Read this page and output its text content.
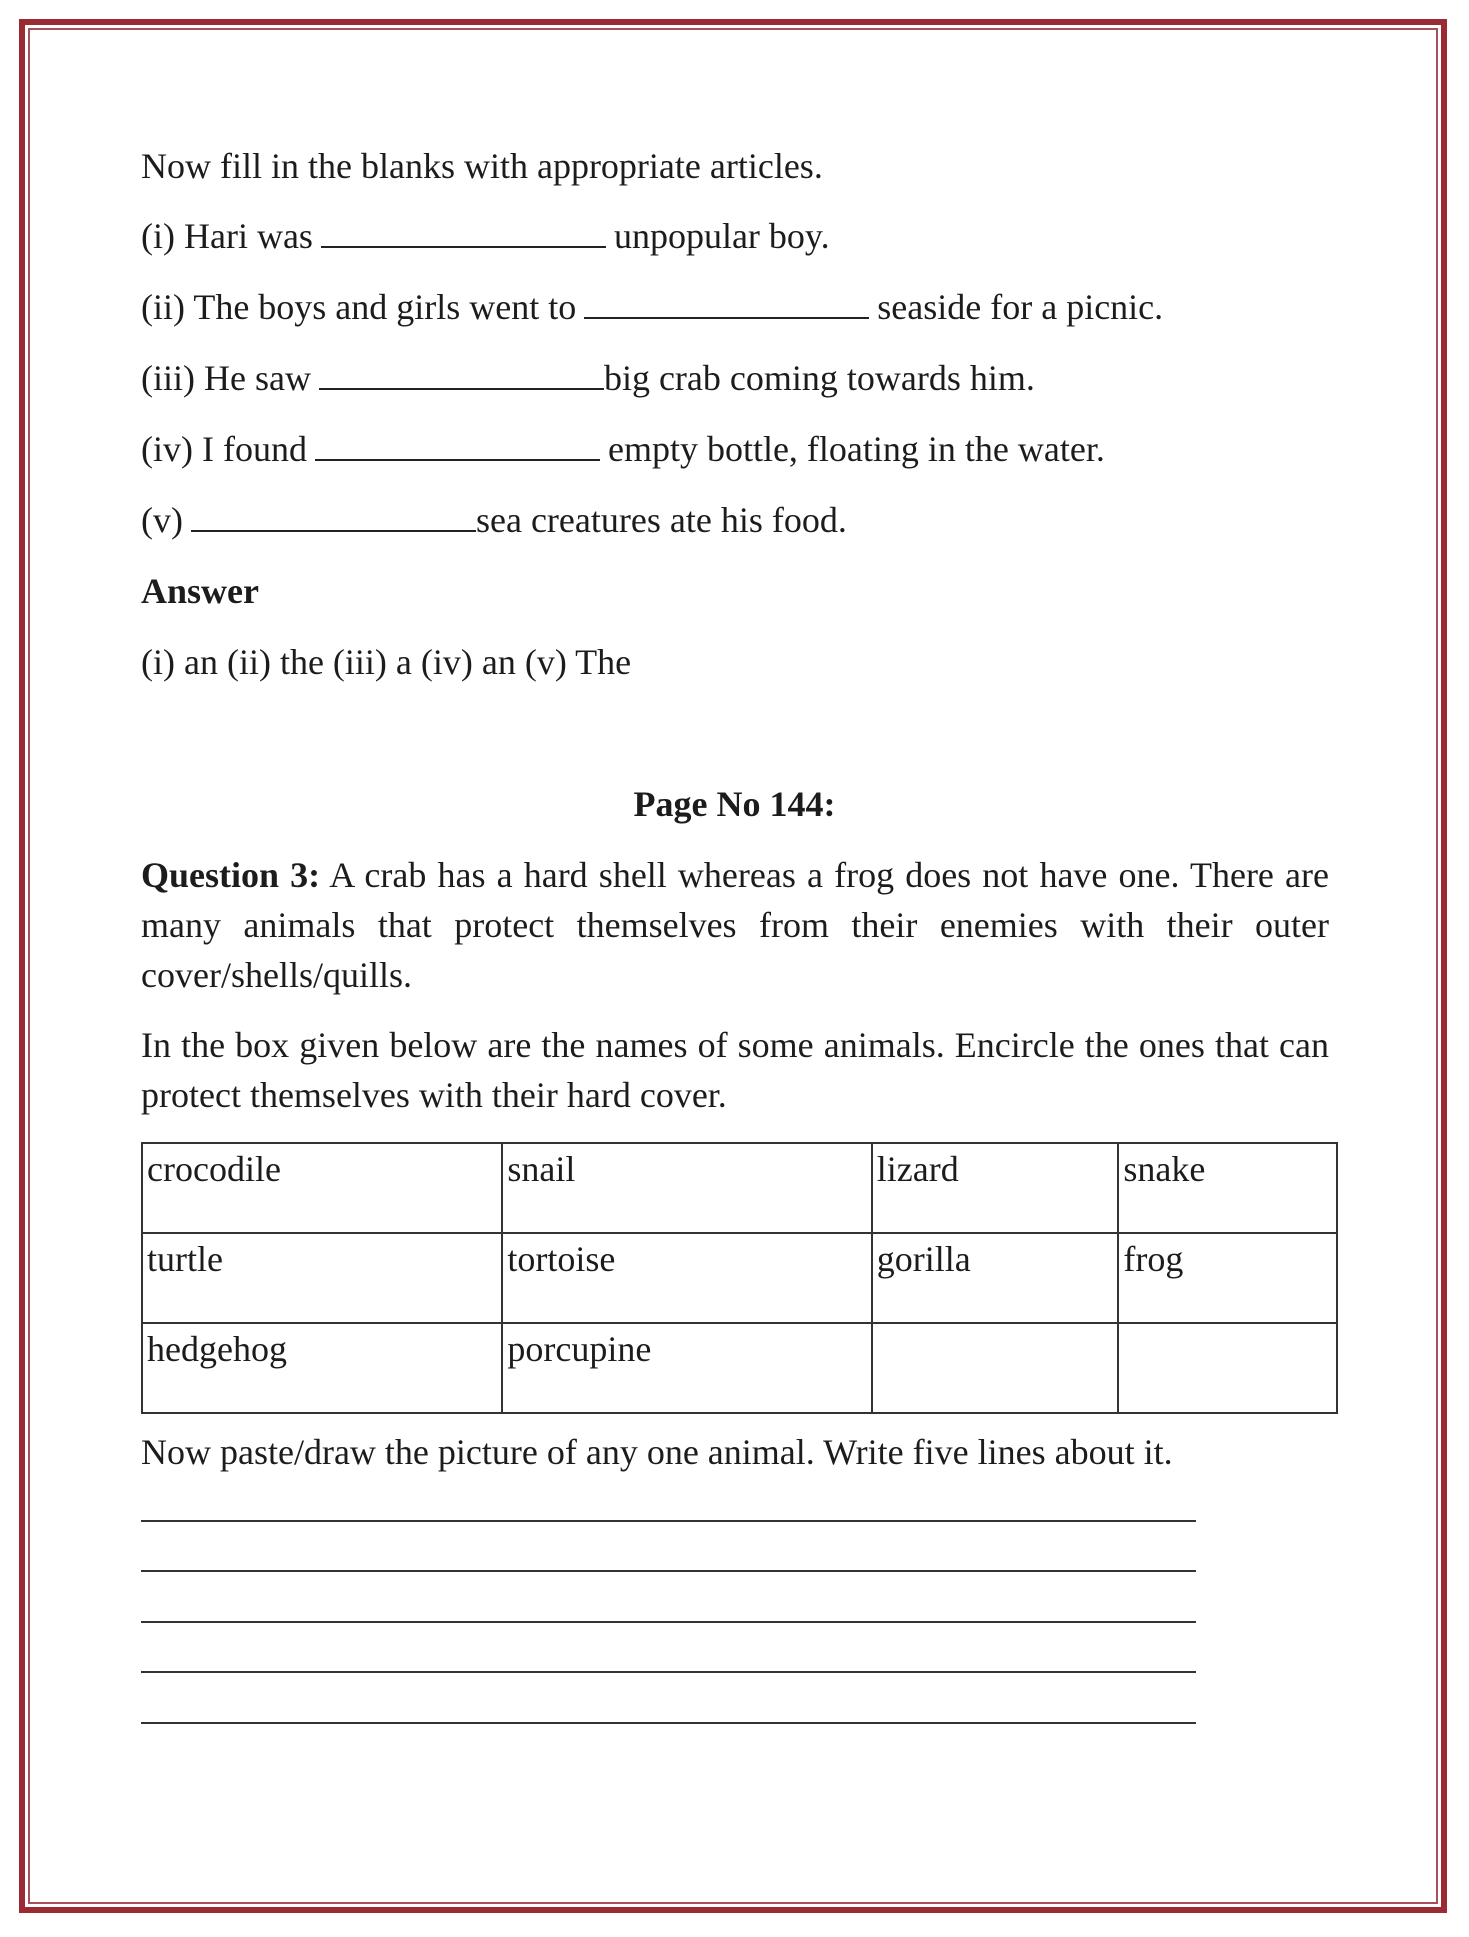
Now fill in the blanks with appropriate articles.
(i) Hari was	unpopular boy.
(ii) The boys and girls went to	seaside for a picnic.
(iii) He saw	big crab coming towards him.
(iv) I found	empty bottle, floating in the water.
(v)	sea creatures ate his food.
Answer
(i) an (ii) the (iii) a (iv) an (v) The
Page No 144:
Question 3: A crab has a hard shell whereas a frog does not have one. There are many animals that protect themselves from their enemies with their outer cover/shells/quills.
In the box given below are the names of some animals. Encircle the ones that can protect themselves with their hard cover.
crocodile	snail	lizard	snake
turtle	tortoise	gorilla	frog
hedgehog	porcupine		
Now paste/draw the picture of any one animal. Write five lines about it.
